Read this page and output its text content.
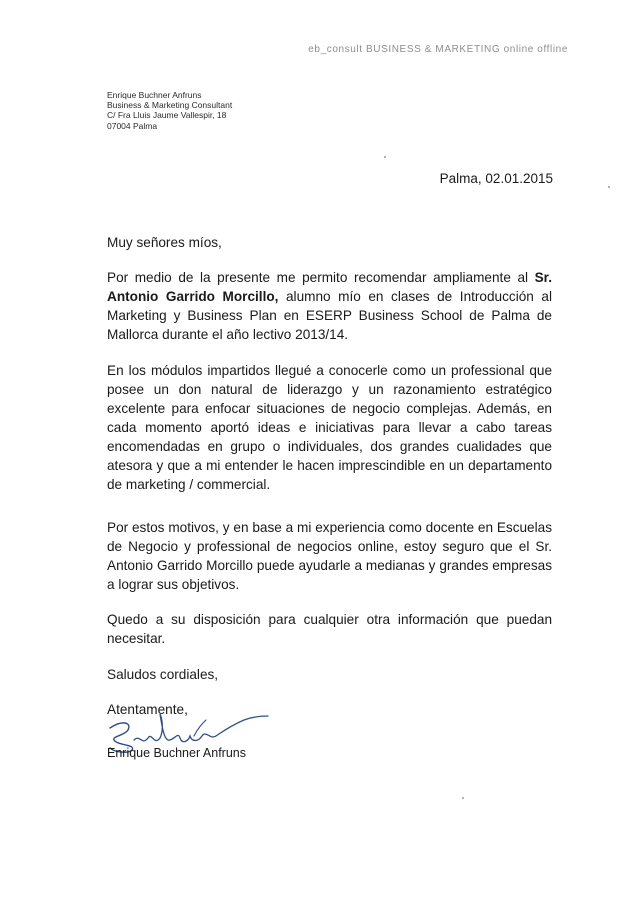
eb_consult BUSINESS & MARKETING online offline
Enrique Buchner Anfruns
Business & Marketing Consultant
C/ Fra Lluis Jaume Vallespir, 18
07004 Palma
Palma, 02.01.2015
Muy señores míos,
Por medio de la presente me permito recomendar ampliamente al Sr. Antonio Garrido Morcillo, alumno mío en clases de Introducción al Marketing y Business Plan en ESERP Business School de Palma de Mallorca durante el año lectivo 2013/14.
En los módulos impartidos llegué a conocerle como un professional que posee un don natural de liderazgo y un razonamiento estratégico excelente para enfocar situaciones de negocio complejas. Además, en cada momento aportó ideas e iniciativas para llevar a cabo tareas encomendadas en grupo o individuales, dos grandes cualidades que atesora y que a mi entender le hacen imprescindible en un departamento de marketing / commercial.
Por estos motivos, y en base a mi experiencia como docente en Escuelas de Negocio y professional de negocios online, estoy seguro que el Sr. Antonio Garrido Morcillo puede ayudarle a medianas y grandes empresas a lograr sus objetivos.
Quedo a su disposición para cualquier otra información que puedan necesitar.
Saludos cordiales,
Atentamente,
Enrique Buchner Anfruns
